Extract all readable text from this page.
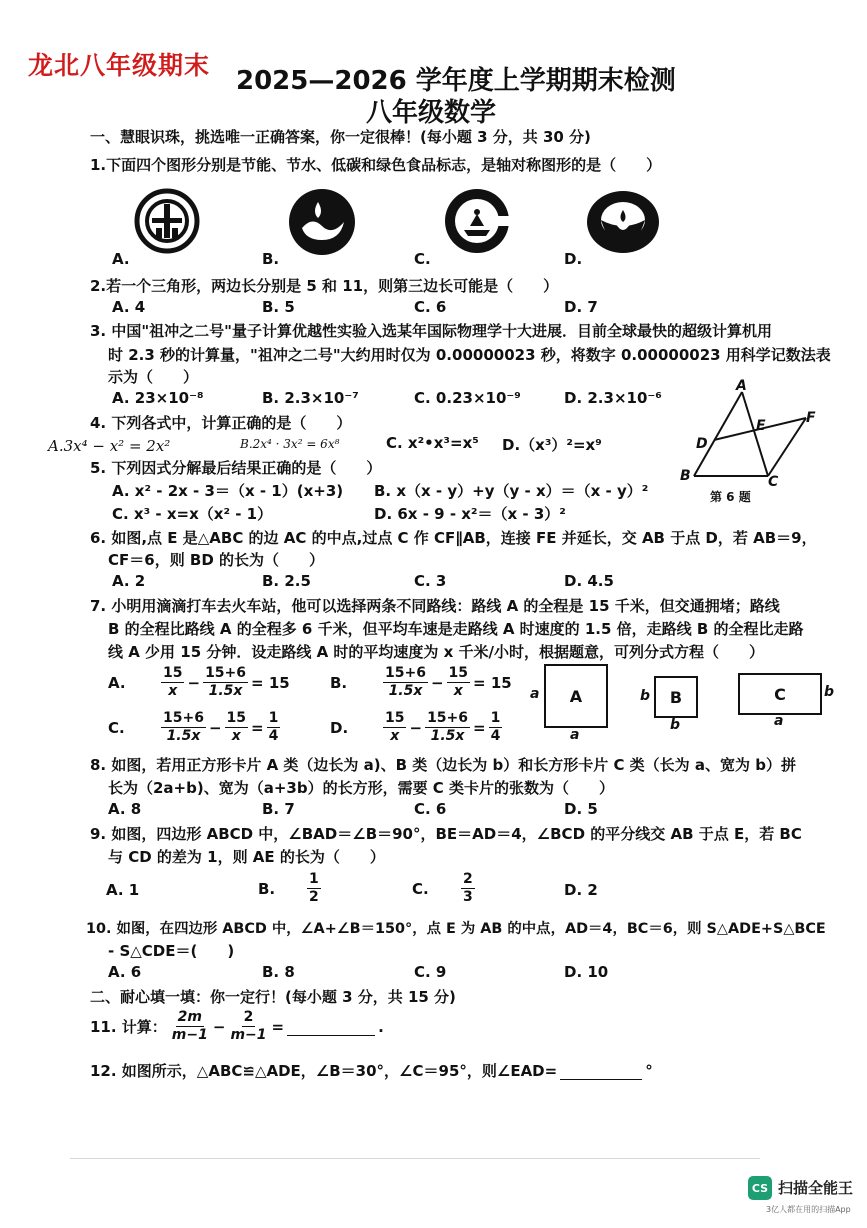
龙北八年级期末
2025—2026 学年度上学期期末检测
八年级数学
一、慧眼识珠，挑选唯一正确答案，你一定很棒！(每小题 3 分，共 30 分)
1.下面四个图形分别是节能、节水、低碳和绿色食品标志，是轴对称图形的是（　　）
A.	B.	C.	D.
2.若一个三角形，两边长分别是 5 和 11，则第三边长可能是（　　）
A. 4	B. 5	C. 6	D. 7
3. 中国"祖冲之二号"量子计算优越性实验入选某年国际物理学十大进展．目前全球最快的超级计算机用
时 2.3 秒的计算量，"祖冲之二号"大约用时仅为 0.00000023 秒，将数字 0.00000023 用科学记数法表
示为（　　）
A. 23×10⁻⁸	B. 2.3×10⁻⁷	C. 0.23×10⁻⁹	D. 2.3×10⁻⁶
A
E	F
D
B	C
第 6 题
4. 下列各式中，计算正确的是（　　）
A.3x⁴ − x² = 2x²	B.2x⁴ · 3x² = 6x⁸	C. x²•x³=x⁵ D.（x³）²=x⁹
5. 下列因式分解最后结果正确的是（　　）
A. x² - 2x - 3＝（x - 1）(x+3) B. x（x - y）+y（y - x）＝（x - y）²
C. x³ - x=x（x² - 1）	D. 6x - 9 - x²＝（x - 3）²
6. 如图,点 E 是△ABC 的边 AC 的中点,过点 C 作 CF∥AB，连接 FE 并延长，交 AB 于点 D，若 AB＝9，
CF＝6，则 BD 的长为（　　）
A. 2	B. 2.5	C. 3	D. 4.5
7. 小明用滴滴打车去火车站，他可以选择两条不同路线：路线 A 的全程是 15 千米，但交通拥堵；路线
B 的全程比路线 A 的全程多 6 千米，但平均车速是走路线 A 时速度的 1.5 倍，走路线 B 的全程比走路
线 A 少用 15 分钟．设走路线 A 时的平均速度为 x 千米/小时，根据题意，可列分式方程（　　）
A.	$\frac{15}{x} - \frac{15+6}{1.5x} = 15$	B.	$\frac{15+6}{1.5x} - \frac{15}{x} = 15$
C.	$\frac{15+6}{1.5x} - \frac{15}{x} = \frac{1}{4}$	D.	$\frac{15}{x} - \frac{15+6}{1.5x} = \frac{1}{4}$
A
a
a
B
b
b
C	b
a
8. 如图，若用正方形卡片 A 类（边长为 a)、B 类（边长为 b）和长方形卡片 C 类（长为 a、宽为 b）拼
长为（2a+b)、宽为（a+3b）的长方形，需要 C 类卡片的张数为（　　）
A. 8	B. 7	C. 6	D. 5
9. 如图，四边形 ABCD 中，∠BAD＝∠B＝90°，BE＝AD＝4，∠BCD 的平分线交 AB 于点 E，若 BC
与 CD 的差为 1，则 AE 的长为（　　）
A. 1	B.	$\frac{1}{2}$	C.	$\frac{2}{3}$	D. 2
10. 如图，在四边形 ABCD 中，∠A+∠B＝150°，点 E 为 AB 的中点，AD＝4，BC＝6，则 S△ADE+S△BCE
- S△CDE＝(　　)
A. 6	B. 8	C. 9	D. 10
二、耐心填一填：你一定行！(每小题 3 分，共 15 分)
11. 计算： $\frac{2m}{m-1} - \frac{2}{m-1}$ =	.
12. 如图所示，△ABC≌△ADE，∠B＝30°，∠C＝95°，则∠EAD=	°
CS 扫描全能王
3亿人都在用的扫描App
